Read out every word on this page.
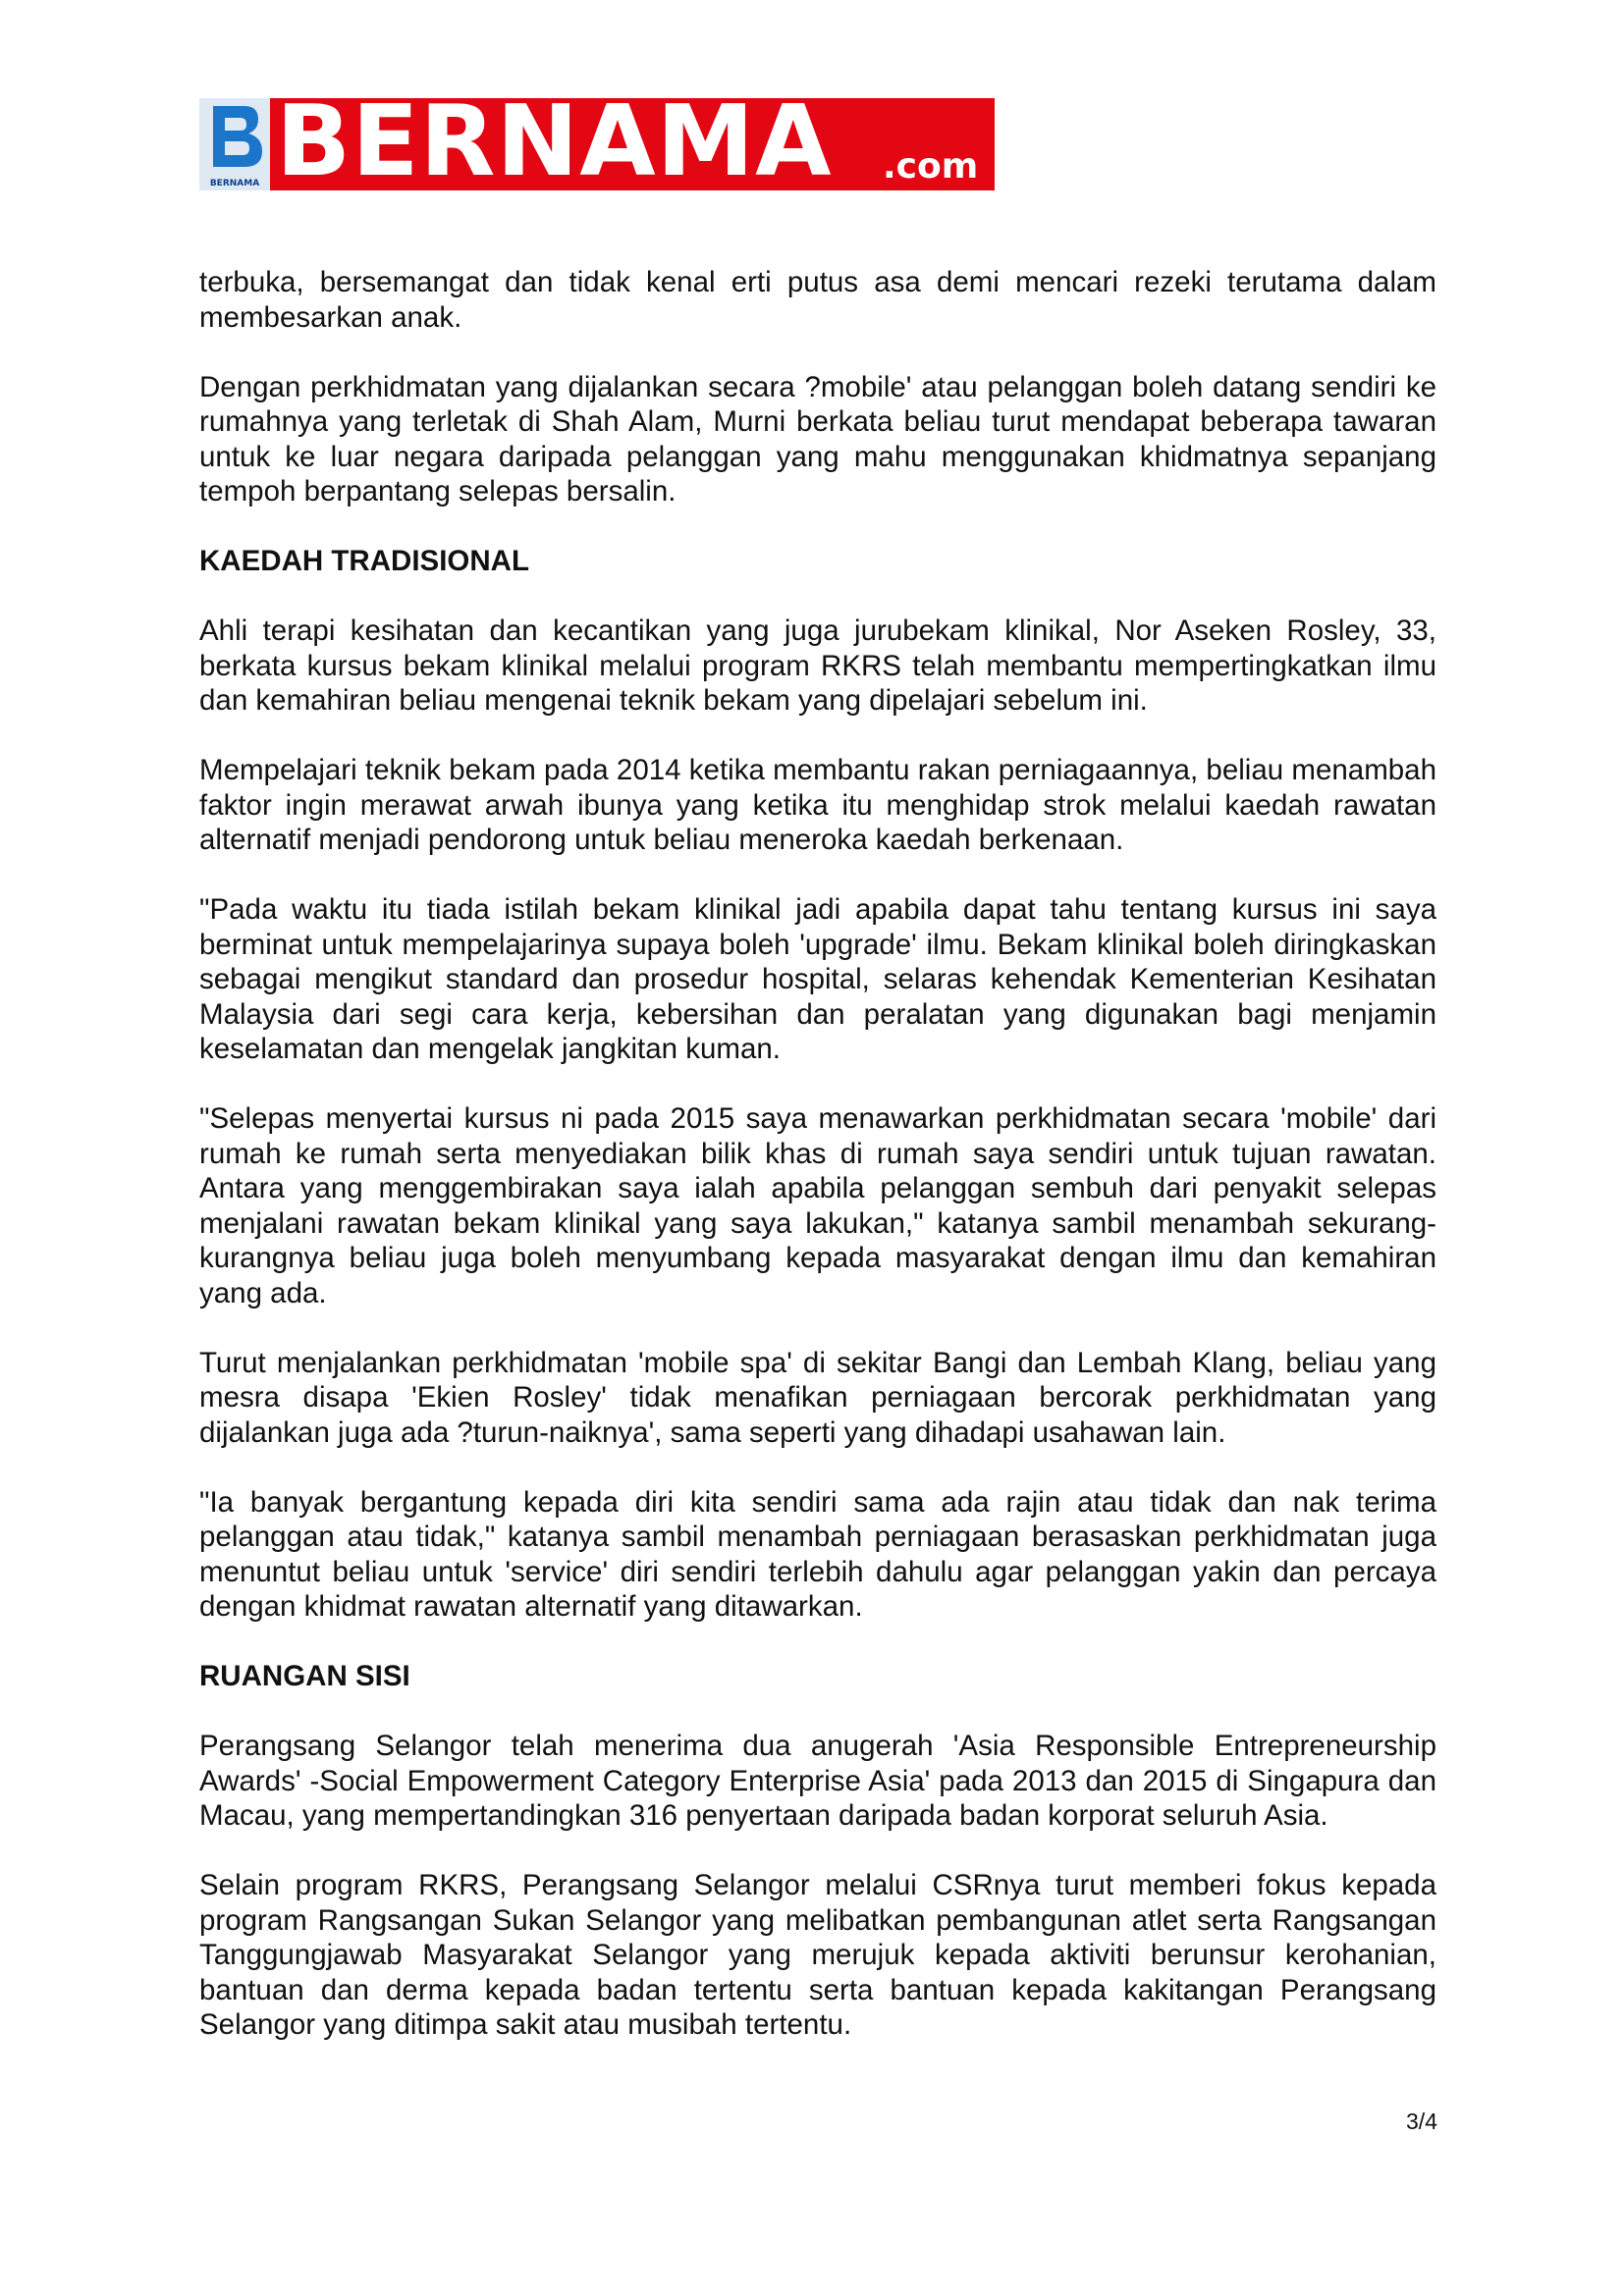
BERNAMA BERNAMA .com

terbuka, bersemangat dan tidak kenal erti putus asa demi mencari rezeki terutama dalam membesarkan anak.

Dengan perkhidmatan yang dijalankan secara ?mobile' atau pelanggan boleh datang sendiri ke rumahnya yang terletak di Shah Alam, Murni berkata beliau turut mendapat beberapa tawaran untuk ke luar negara daripada pelanggan yang mahu menggunakan khidmatnya sepanjang tempoh berpantang selepas bersalin.

KAEDAH TRADISIONAL

Ahli terapi kesihatan dan kecantikan yang juga jurubekam klinikal, Nor Aseken Rosley, 33, berkata kursus bekam klinikal melalui program RKRS telah membantu mempertingkatkan ilmu dan kemahiran beliau mengenai teknik bekam yang dipelajari sebelum ini.

Mempelajari teknik bekam pada 2014 ketika membantu rakan perniagaannya, beliau menambah faktor ingin merawat arwah ibunya yang ketika itu menghidap strok melalui kaedah rawatan alternatif menjadi pendorong untuk beliau meneroka kaedah berkenaan.

"Pada waktu itu tiada istilah bekam klinikal jadi apabila dapat tahu tentang kursus ini saya berminat untuk mempelajarinya supaya boleh 'upgrade' ilmu. Bekam klinikal boleh diringkaskan sebagai mengikut standard dan prosedur hospital, selaras kehendak Kementerian Kesihatan Malaysia dari segi cara kerja, kebersihan dan peralatan yang digunakan bagi menjamin keselamatan dan mengelak jangkitan kuman.

"Selepas menyertai kursus ni pada 2015 saya menawarkan perkhidmatan secara 'mobile' dari rumah ke rumah serta menyediakan bilik khas di rumah saya sendiri untuk tujuan rawatan. Antara yang menggembirakan saya ialah apabila pelanggan sembuh dari penyakit selepas menjalani rawatan bekam klinikal yang saya lakukan," katanya sambil menambah sekurang-kurangnya beliau juga boleh menyumbang kepada masyarakat dengan ilmu dan kemahiran yang ada.

Turut menjalankan perkhidmatan 'mobile spa' di sekitar Bangi dan Lembah Klang, beliau yang mesra disapa 'Ekien Rosley' tidak menafikan perniagaan bercorak perkhidmatan yang dijalankan juga ada ?turun-naiknya', sama seperti yang dihadapi usahawan lain.

"Ia banyak bergantung kepada diri kita sendiri sama ada rajin atau tidak dan nak terima pelanggan atau tidak," katanya sambil menambah perniagaan berasaskan perkhidmatan juga menuntut beliau untuk 'service' diri sendiri terlebih dahulu agar pelanggan yakin dan percaya dengan khidmat rawatan alternatif yang ditawarkan.

RUANGAN SISI

Perangsang Selangor telah menerima dua anugerah 'Asia Responsible Entrepreneurship Awards' -Social Empowerment Category Enterprise Asia' pada 2013 dan 2015 di Singapura dan Macau, yang mempertandingkan 316 penyertaan daripada badan korporat seluruh Asia.

Selain program RKRS, Perangsang Selangor melalui CSRnya turut memberi fokus kepada program Rangsangan Sukan Selangor yang melibatkan pembangunan atlet serta Rangsangan Tanggungjawab Masyarakat Selangor yang merujuk kepada aktiviti berunsur kerohanian, bantuan dan derma kepada badan tertentu serta bantuan kepada kakitangan Perangsang Selangor yang ditimpa sakit atau musibah tertentu.

3/4
